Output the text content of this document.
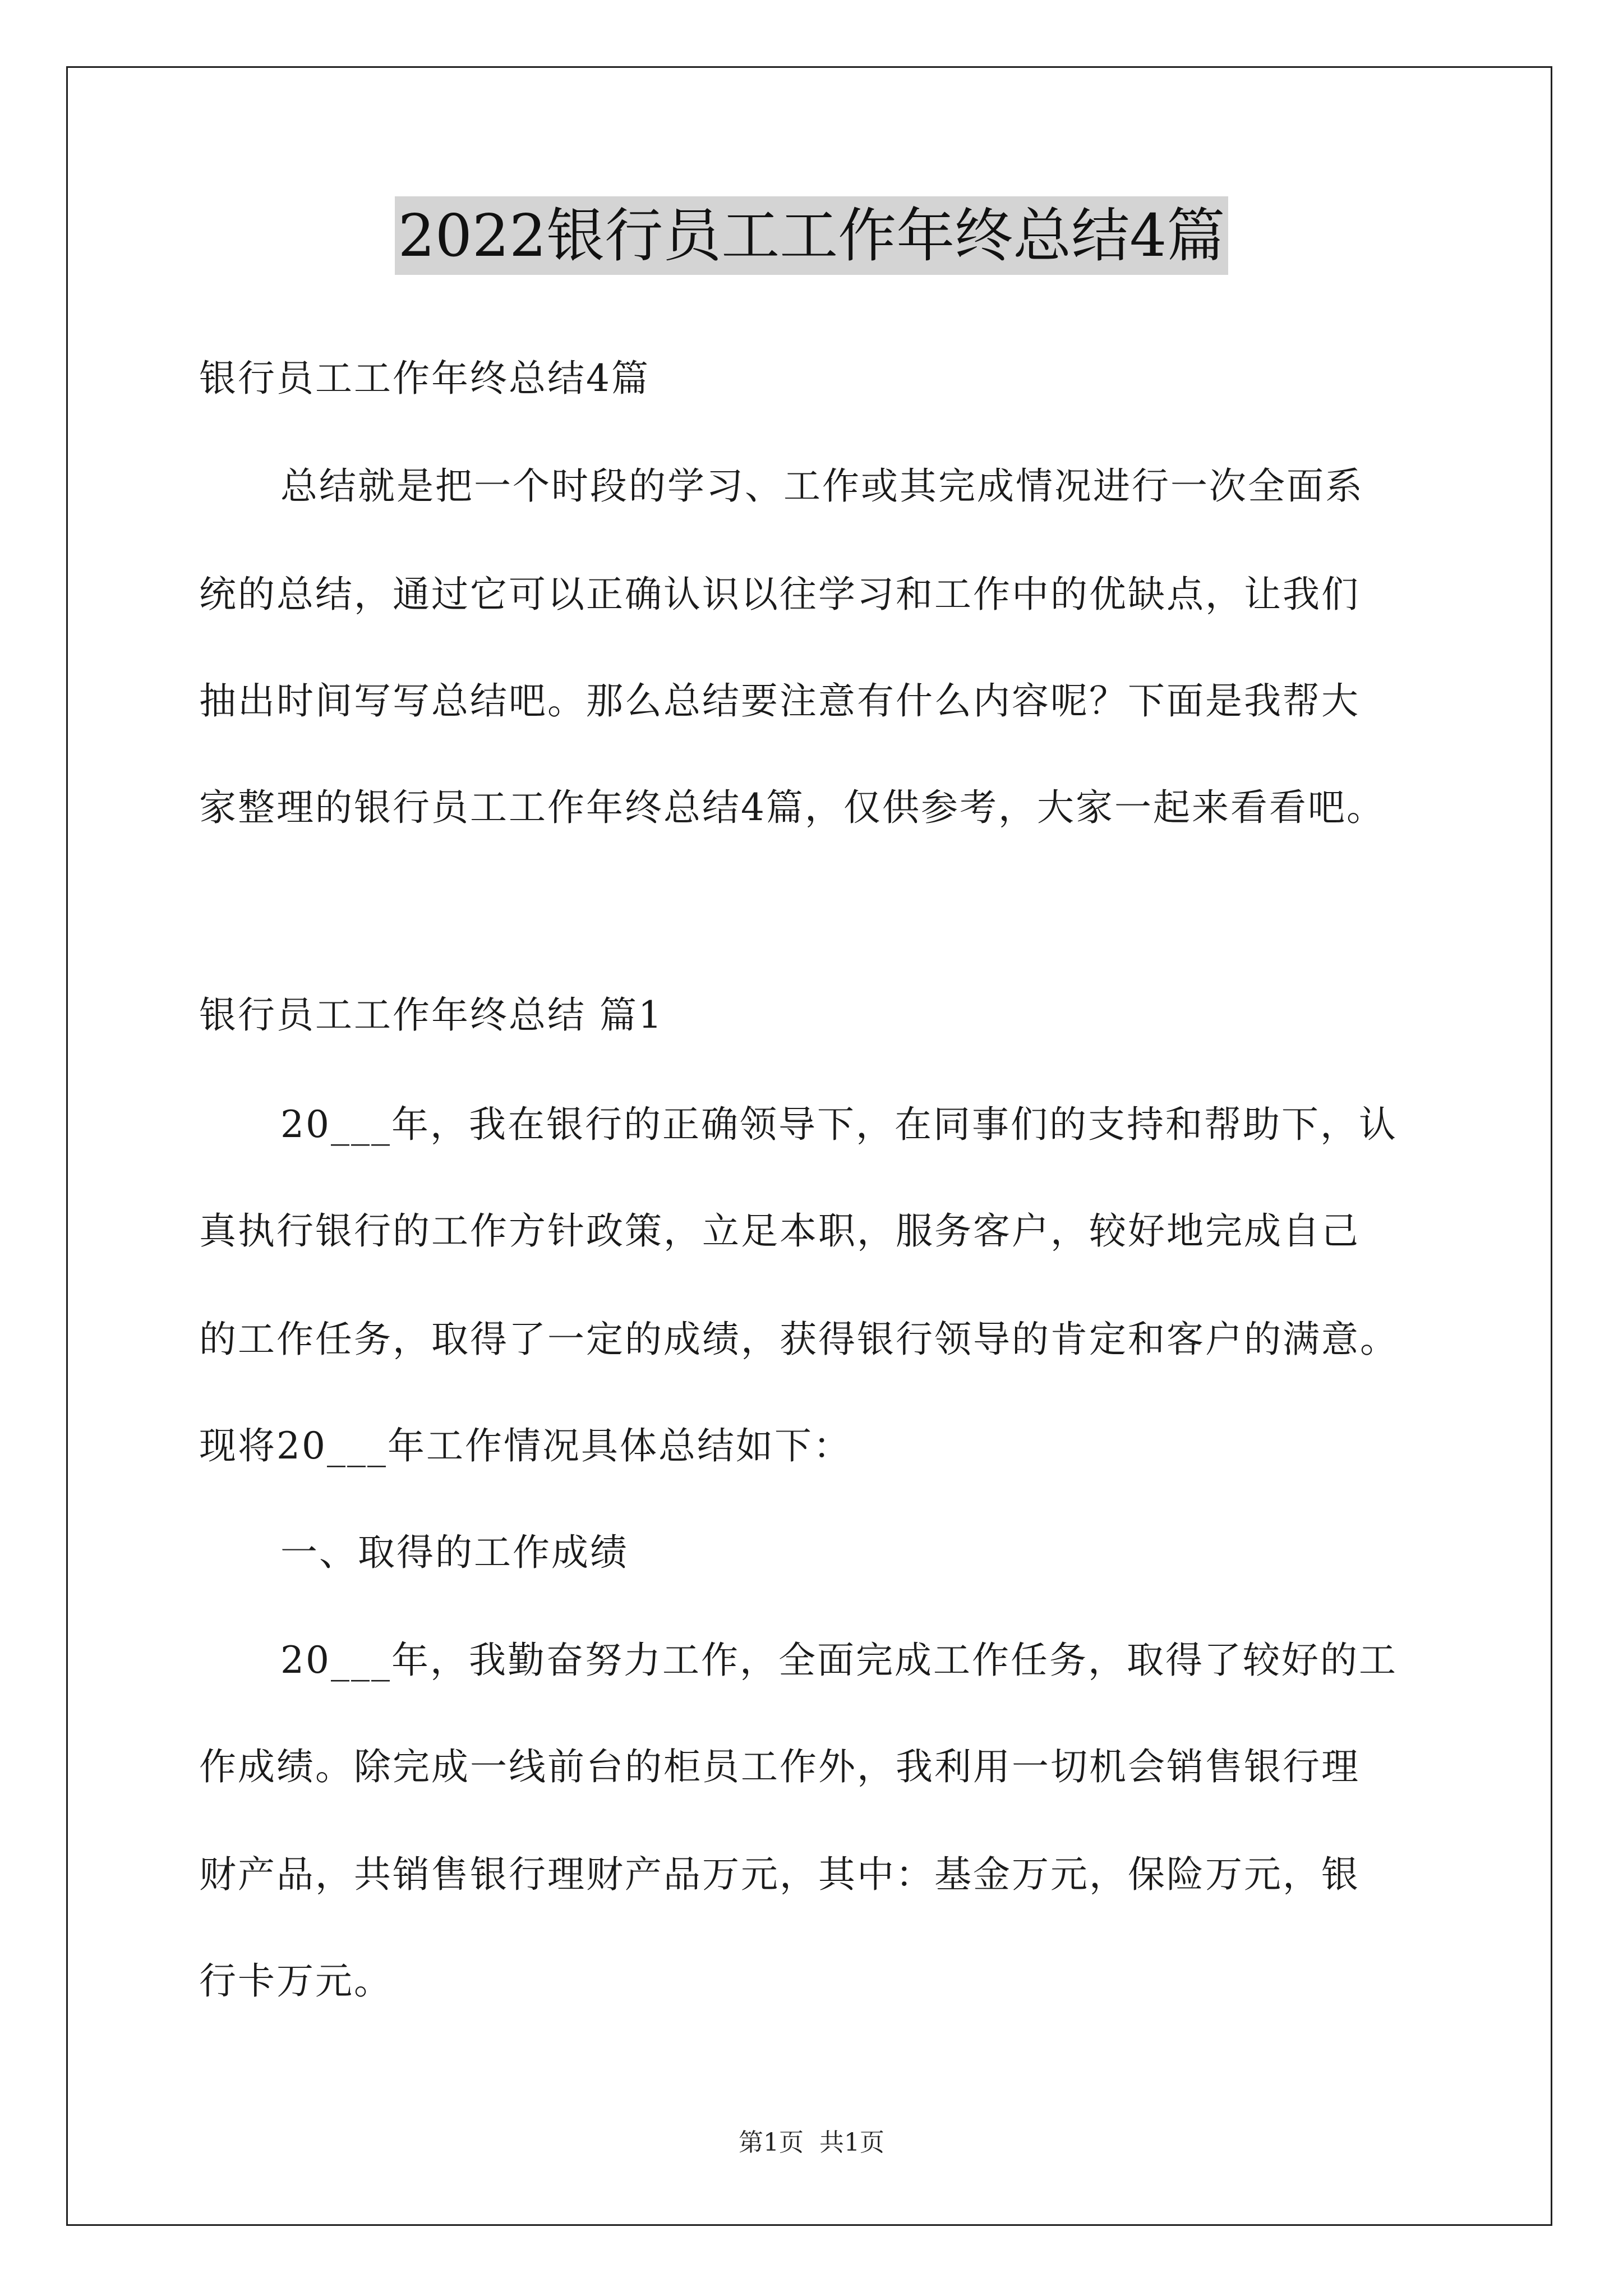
2022银行员工工作年终总结4篇
银行员工工作年终总结4篇
总结就是把一个时段的学习、工作或其完成情况进行一次全面系
统的总结，通过它可以正确认识以往学习和工作中的优缺点，让我们
抽出时间写写总结吧。那么总结要注意有什么内容呢？下面是我帮大
家整理的银行员工工作年终总结4篇，仅供参考，大家一起来看看吧。
银行员工工作年终总结 篇1
20___年，我在银行的正确领导下，在同事们的支持和帮助下，认
真执行银行的工作方针政策，立足本职，服务客户，较好地完成自己
的工作任务，取得了一定的成绩，获得银行领导的肯定和客户的满意。
现将20___年工作情况具体总结如下：
一、取得的工作成绩
20___年，我勤奋努力工作，全面完成工作任务，取得了较好的工
作成绩。除完成一线前台的柜员工作外，我利用一切机会销售银行理
财产品，共销售银行理财产品万元，其中：基金万元，保险万元，银
行卡万元。
第1页 共1页
